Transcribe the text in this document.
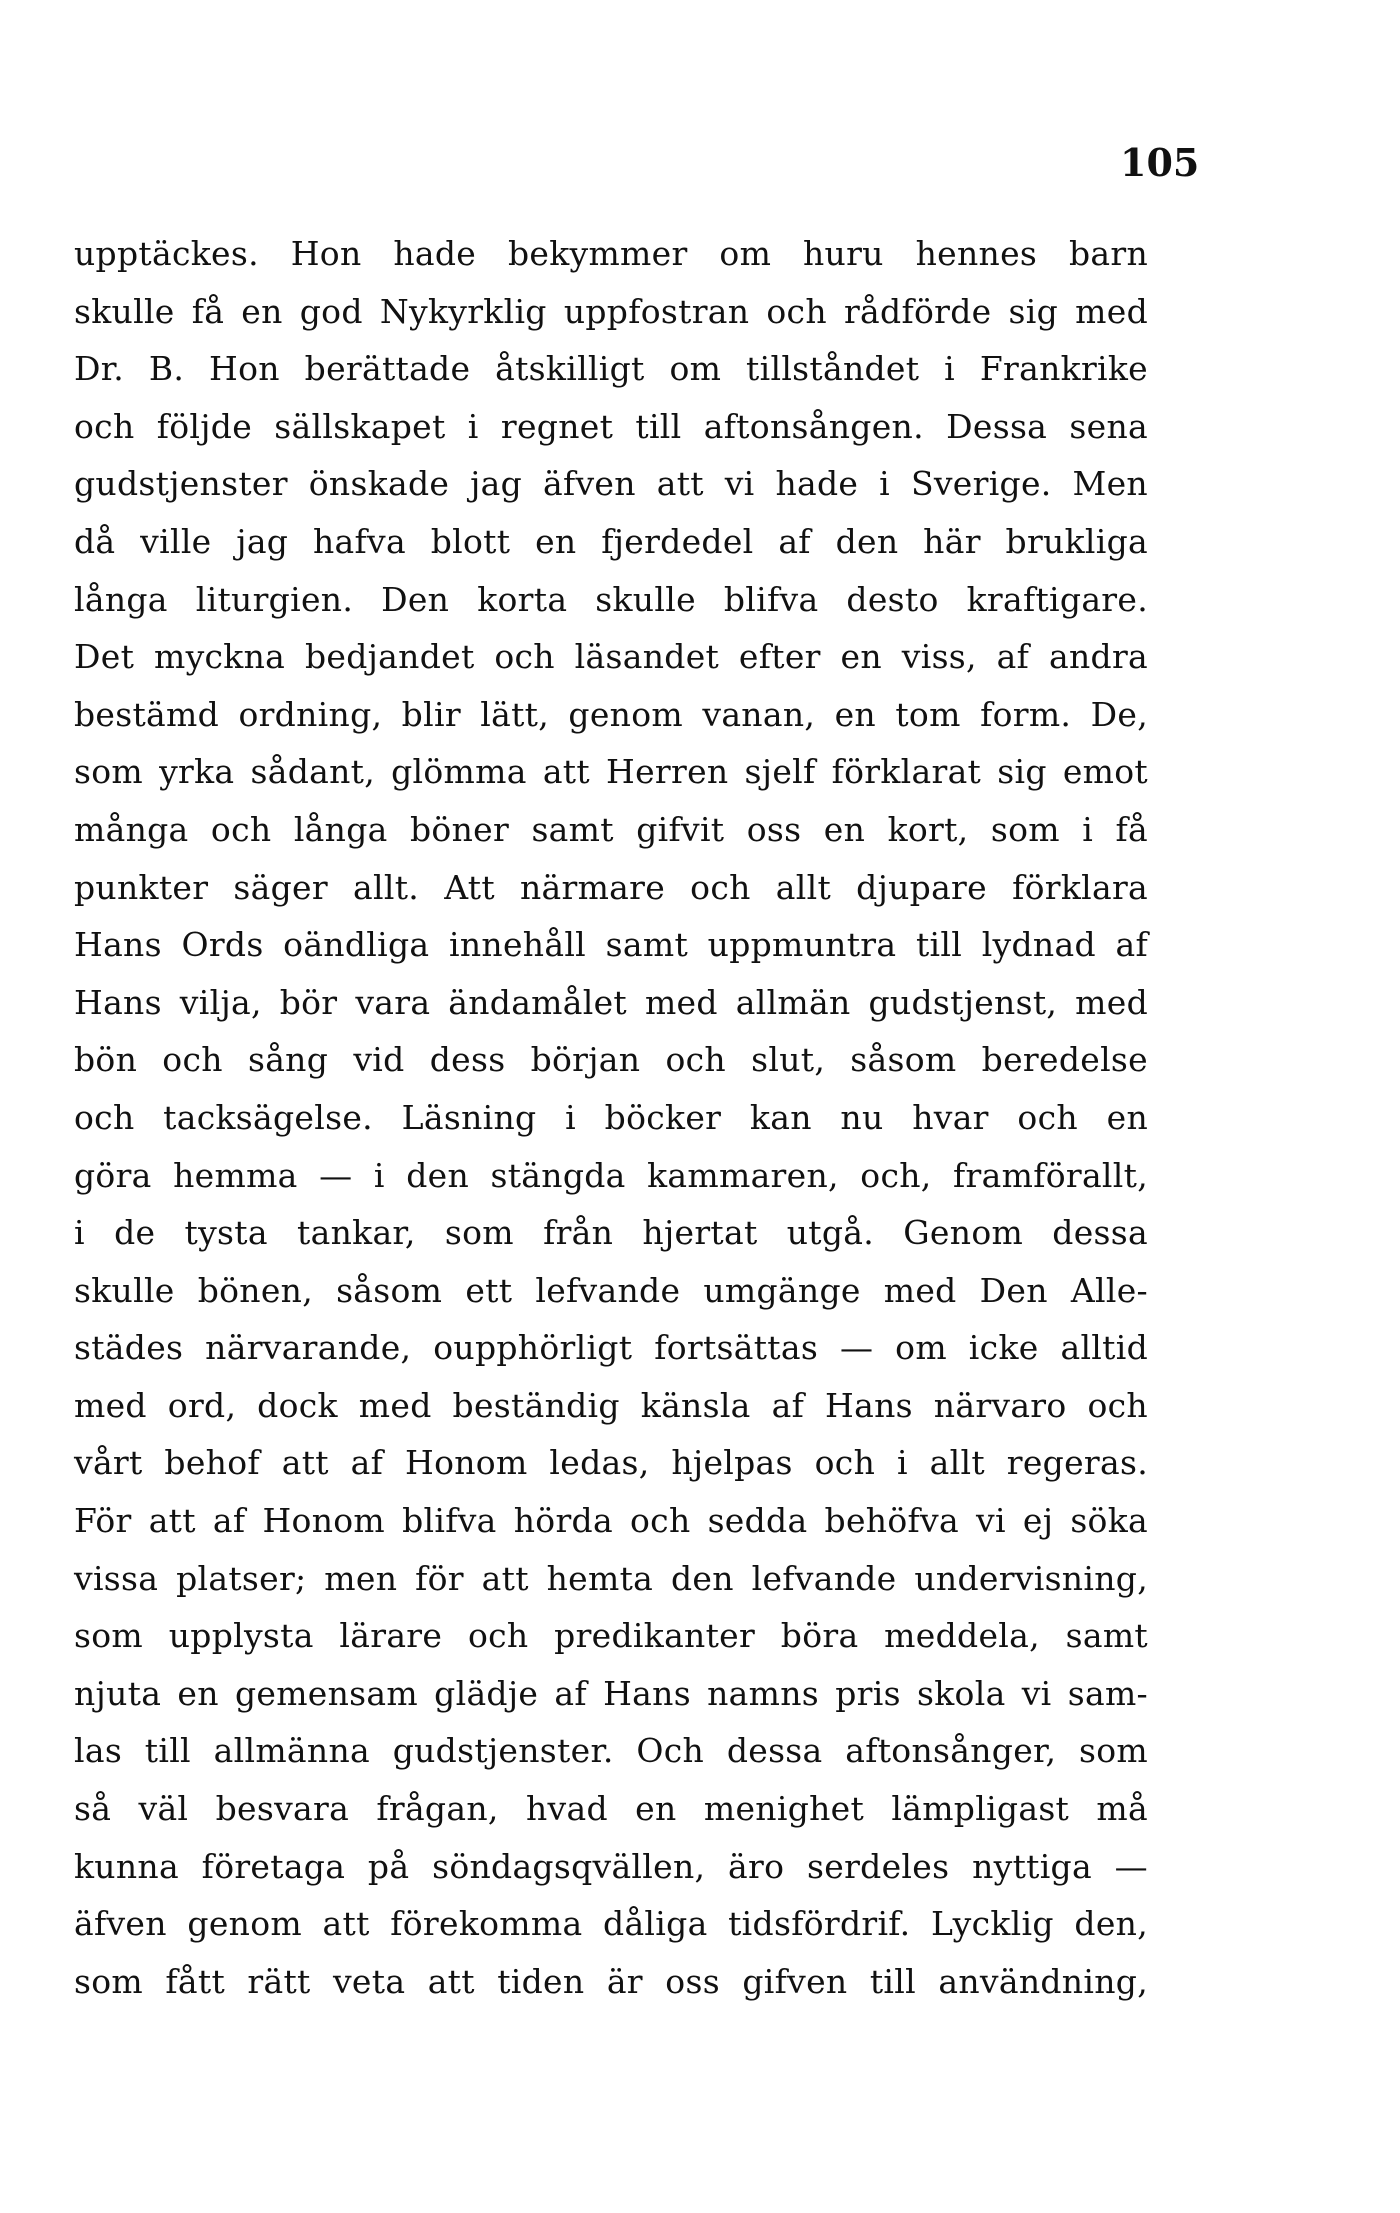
105
upptäckes. Hon hade bekymmer om huru hennes barn
skulle få en god Nykyrklig uppfostran och rådförde sig med
Dr. B. Hon berättade åtskilligt om tillståndet i Frankrike
och följde sällskapet i regnet till aftonsången. Dessa sena
gudstjenster önskade jag äfven att vi hade i Sverige. Men
då ville jag hafva blott en fjerdedel af den här brukliga
långa liturgien. Den korta skulle blifva desto kraftigare.
Det myckna bedjandet och läsandet efter en viss, af andra
bestämd ordning, blir lätt, genom vanan, en tom form. De,
som yrka sådant, glömma att Herren sjelf förklarat sig emot
många och långa böner samt gifvit oss en kort, som i få
punkter säger allt. Att närmare och allt djupare förklara
Hans Ords oändliga innehåll samt uppmuntra till lydnad af
Hans vilja, bör vara ändamålet med allmän gudstjenst, med
bön och sång vid dess början och slut, såsom beredelse
och tacksägelse. Läsning i böcker kan nu hvar och en
göra hemma — i den stängda kammaren, och, framförallt,
i de tysta tankar, som från hjertat utgå. Genom dessa
skulle bönen, såsom ett lefvande umgänge med Den Alle-
städes närvarande, oupphörligt fortsättas — om icke alltid
med ord, dock med beständig känsla af Hans närvaro och
vårt behof att af Honom ledas, hjelpas och i allt regeras.
För att af Honom blifva hörda och sedda behöfva vi ej söka
vissa platser; men för att hemta den lefvande undervisning,
som upplysta lärare och predikanter böra meddela, samt
njuta en gemensam glädje af Hans namns pris skola vi sam-
las till allmänna gudstjenster. Och dessa aftonsånger, som
så väl besvara frågan, hvad en menighet lämpligast må
kunna företaga på söndagsqvällen, äro serdeles nyttiga —
äfven genom att förekomma dåliga tidsfördrif. Lycklig den,
som fått rätt veta att tiden är oss gifven till användning,
